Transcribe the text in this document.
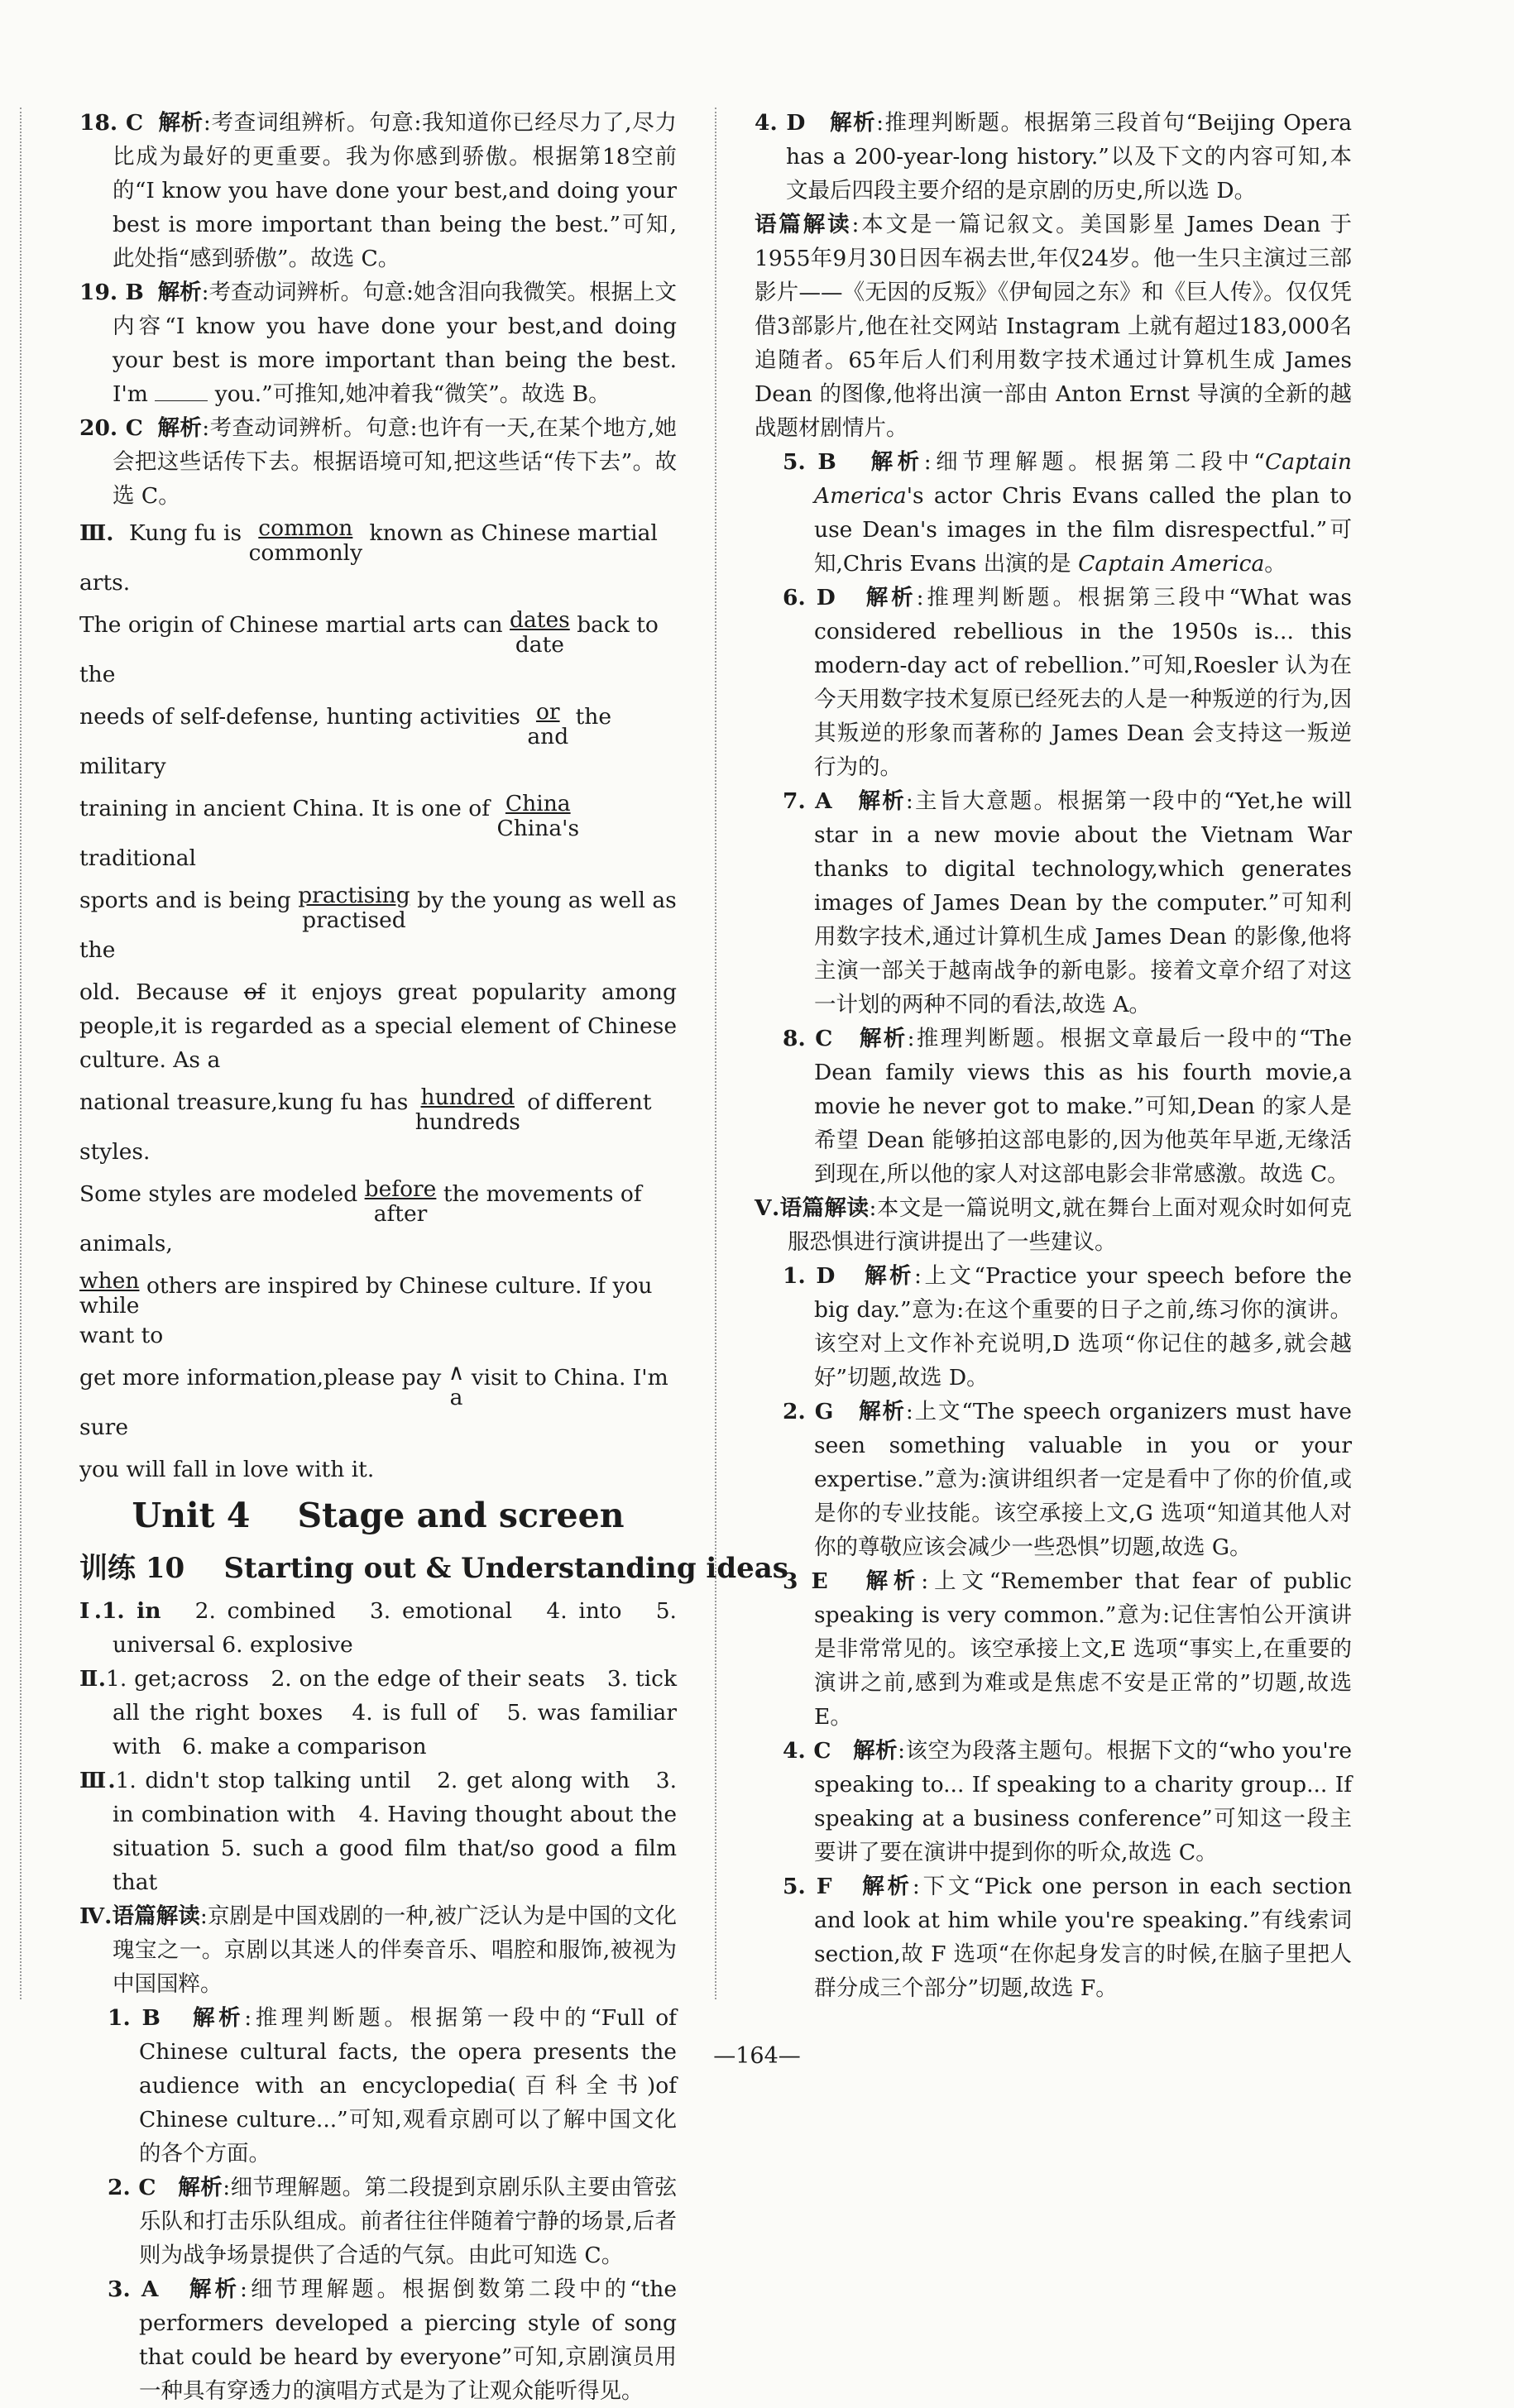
18. C 解析:考查词组辨析。句意:我知道你已经尽力了,尽力比成为最好的更重要。我为你感到骄傲。根据第18空前的“I know you have done your best,and doing your best is more important than being the best.”可知,此处指“感到骄傲”。故选 C。

19. B 解析:考查动词辨析。句意:她含泪向我微笑。根据上文内容“I know you have done your best,and doing your best is more important than being the best. I'm	you.”可推知,她冲着我“微笑”。故选 B。

20. C 解析:考查动词辨析。句意:也许有一天,在某个地方,她会把这些话传下去。根据语境可知,把这些话“传下去”。故选 C。

Ⅲ. Kung fu is common
commonly
known as Chinese martial arts.

The origin of Chinese martial arts can dates
date
back to the

needs of self-defense, hunting activities or
and
the military

training in ancient China. It is one of China
China's
traditional

sports and is being practising
practised
by the young as well as the

old. Because of it enjoys great popularity among people,it is regarded as a special element of Chinese culture. As a

national treasure,kung fu has hundred
hundreds
of different styles.

Some styles are modeled before
after
the movements of animals,

when
while
others are inspired by Chinese culture. If you want to

get more information,please pay ∧
a
visit to China. I'm sure

you will fall in love with it.

Unit 4    Stage and screen
训练 10    Starting out & Understanding ideas

Ⅰ.1. in 2. combined 3. emotional 4. into 5. universal 6. explosive

Ⅱ.1. get;across 2. on the edge of their seats 3. tick all the right boxes 4. is full of 5. was familiar with 6. make a comparison

Ⅲ.1. didn't stop talking until 2. get along with 3. in combination with 4. Having thought about the situation 5. such a good film that/so good a film that

Ⅳ.语篇解读:京剧是中国戏剧的一种,被广泛认为是中国的文化瑰宝之一。京剧以其迷人的伴奏音乐、唱腔和服饰,被视为中国国粹。

1. B 解析:推理判断题。根据第一段中的“Full of Chinese cultural facts, the opera presents the audience with an encyclopedia(百科全书)of Chinese culture...”可知,观看京剧可以了解中国文化的各个方面。

2. C 解析:细节理解题。第二段提到京剧乐队主要由管弦乐队和打击乐队组成。前者往往伴随着宁静的场景,后者则为战争场景提供了合适的气氛。由此可知选 C。

3. A 解析:细节理解题。根据倒数第二段中的“the performers developed a piercing style of song that could be heard by everyone”可知,京剧演员用一种具有穿透力的演唱方式是为了让观众能听得见。

4. D 解析:推理判断题。根据第三段首句“Beijing Opera has a 200-year-long history.”以及下文的内容可知,本文最后四段主要介绍的是京剧的历史,所以选 D。

语篇解读:本文是一篇记叙文。美国影星 James Dean 于1955年9月30日因车祸去世,年仅24岁。他一生只主演过三部影片——《无因的反叛》《伊甸园之东》和《巨人传》。仅仅凭借3部影片,他在社交网站 Instagram 上就有超过183,000名追随者。65年后人们利用数字技术通过计算机生成 James Dean 的图像,他将出演一部由 Anton Ernst 导演的全新的越战题材剧情片。

5. B 解析:细节理解题。根据第二段中“Captain America's actor Chris Evans called the plan to use Dean's images in the film disrespectful.”可知,Chris Evans 出演的是 Captain America。

6. D 解析:推理判断题。根据第三段中“What was considered rebellious in the 1950s is... this modern-day act of rebellion.”可知,Roesler 认为在今天用数字技术复原已经死去的人是一种叛逆的行为,因其叛逆的形象而著称的 James Dean 会支持这一叛逆行为的。

7. A 解析:主旨大意题。根据第一段中的“Yet,he will star in a new movie about the Vietnam War thanks to digital technology,which generates images of James Dean by the computer.”可知利用数字技术,通过计算机生成 James Dean 的影像,他将主演一部关于越南战争的新电影。接着文章介绍了对这一计划的两种不同的看法,故选 A。

8. C 解析:推理判断题。根据文章最后一段中的“The Dean family views this as his fourth movie,a movie he never got to make.”可知,Dean 的家人是希望 Dean 能够拍这部电影的,因为他英年早逝,无缘活到现在,所以他的家人对这部电影会非常感激。故选 C。

Ⅴ.语篇解读:本文是一篇说明文,就在舞台上面对观众时如何克服恐惧进行演讲提出了一些建议。

1. D 解析:上文“Practice your speech before the big day.”意为:在这个重要的日子之前,练习你的演讲。该空对上文作补充说明,D 选项“你记住的越多,就会越好”切题,故选 D。

2. G 解析:上文“The speech organizers must have seen something valuable in you or your expertise.”意为:演讲组织者一定是看中了你的价值,或是你的专业技能。该空承接上文,G 选项“知道其他人对你的尊敬应该会减少一些恐惧”切题,故选 G。

3 E 解析:上文“Remember that fear of public speaking is very common.”意为:记住害怕公开演讲是非常常见的。该空承接上文,E 选项“事实上,在重要的演讲之前,感到为难或是焦虑不安是正常的”切题,故选 E。

4. C 解析:该空为段落主题句。根据下文的“who you're speaking to... If speaking to a charity group... If speaking at a business conference”可知这一段主要讲了要在演讲中提到你的听众,故选 C。

5. F 解析:下文“Pick one person in each section and look at him while you're speaking.”有线索词 section,故 F 选项“在你起身发言的时候,在脑子里把人群分成三个部分”切题,故选 F。

—164—
